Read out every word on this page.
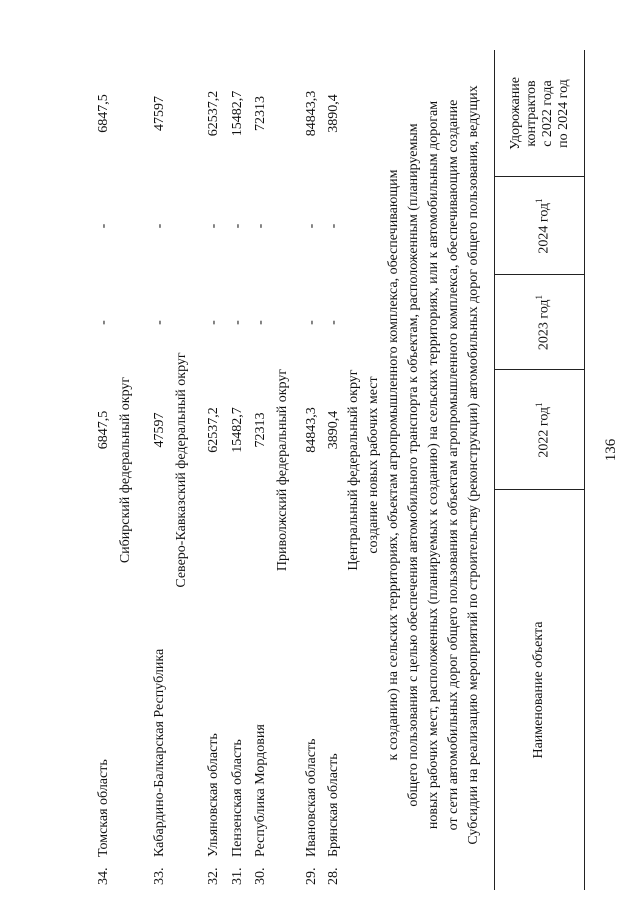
136
Наименование объекта
2022 год$^1$
2023 год$^1$
2024 год$^1$
Удорожание контрактов с 2022 года по 2024 год
Субсидии на реализацию мероприятий по строительству (реконструкции) автомобильных дорог общего пользования, ведущих
от сети автомобильных дорог общего пользования к объектам агропромышленного комплекса, обеспечивающим создание
новых рабочих мест, расположенных (планируемых к созданию) на сельских территориях, или к автомобильным дорогам
общего пользования с целью обеспечения автомобильного транспорта к объектам, расположенным (планируемым
к созданию) на сельских территориях, объектам агропромышленного комплекса, обеспечивающим
создание новых рабочих мест
Центральный федеральный округ
28.
Брянская область
3890,4
-
-
3890,4
29.
Ивановская область
84843,3
-
-
84843,3
Приволжский федеральный округ
30.
Республика Мордовия
72313
-
-
72313
31.
Пензенская область
15482,7
-
-
15482,7
32.
Ульяновская область
62537,2
-
-
62537,2
Северо-Кавказский федеральный округ
33.
Кабардино-Балкарская Республика
47597
-
-
47597
Сибирский федеральный округ
34.
Томская область
6847,5
-
-
6847,5
